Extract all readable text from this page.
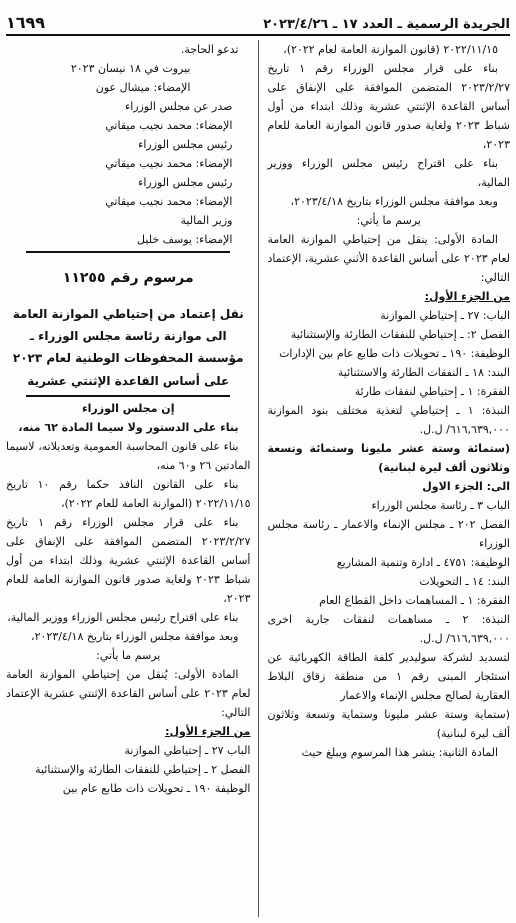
الجريدة الرسمية ـ العدد ١٧ ـ ٢٠٢٣/٤/٢٦
١٦٩٩

٢٠٢٢/١١/١٥ (قانون الموازنة العامة لعام ٢٠٢٢)،

بناء على قرار مجلس الوزراء رقم ١ تاريخ ٢٠٢٣/٢/٢٧ المتضمن الموافقة على الإنفاق على أساس القاعدة الإثنتي عشرية وذلك ابتداء من أول شباط ٢٠٢٣ ولغاية صدور قانون الموازنة العامة للعام ٢٠٢٣،

بناء على اقتراح رئيس مجلس الوزراء ووزير المالية،

وبعد موافقة مجلس الوزراء بتاريخ ٢٠٢٣/٤/١٨،

يرسم ما يأتي:

المادة الأولى: ينقل من إحتياطي الموازنة العامة لعام ٢٠٢٣ على أساس القاعدة الأثني عشرية، الإعتماد التالي:

من الجزء الأول:

الباب: ٢٧ ـ إحتياطي الموازنة

الفصل ٢: ـ إحتياطي للنفقات الطارئة والإستثنائية

الوظيفة: ١٩٠ ـ تحويلات ذات طابع عام بين الإدارات

البند: ١٨ ـ النفقات الطارئة والاستثنائية

الفقرة: ١ ـ إحتياطي لنفقات طارئة

النبذة: ١ ـ إحتياطي لتغذية مختلف بنود الموازنة ٦١٦,٦٣٩,٠٠٠/ ل.ل.

(ستمائة وستة عشر مليونا وستمائة وتسعة وثلاثون ألف ليرة لبنانية)

الى: الجزء الاول

الباب ٣ ـ رئاسة مجلس الوزراء

الفصل ٢٠٢ ـ مجلس الإنماء والاعمار ـ رئاسة مجلس الوزراء

الوظيفة: ٤٧٥١ ـ ادارة وتنمية المشاريع

البند: ١٤ ـ التحويلات

الفقرة: ١ ـ المساهمات داخل القطاع العام

النبذة: ٢ ـ مساهمات لنفقات جارية اخرى ٦١٦,٦٣٩,٠٠٠/ ل.ل.

لتسديد لشركة سوليدير كلفة الطاقة الكهربائية عن استئجار المبنى رقم ١ من منطقة زقاق البلاط العقارية لصالح مجلس الإنماء والاعمار

(ستماية وستة عشر مليونا وستماية وتسعة وثلاثون ألف ليرة لبنانية)

المادة الثانية: ينشر هذا المرسوم ويبلغ حيث

تدعو الحاجة.

بيروت في ١٨ نيسان ٢٠٢٣

الإمضاء: ميشال عون

صدر عن مجلس الوزراء

الإمضاء: محمد نجيب ميقاتي

رئيس مجلس الوزراء

الإمضاء: محمد نجيب ميقاتي

رئيس مجلس الوزراء

الإمضاء: محمد نجيب ميقاتي

وزير المالية

الإمضاء: يوسف خليل

مرسوم رقم ١١٢٥٥

نقل إعتماد من إحتياطي الموازنة العامة الى موازنة رئاسة مجلس الوزراء ـ مؤسسة المحفوظات الوطنية لعام ٢٠٢٣

على أساس القاعدة الإثنتي عشرية

إن مجلس الوزراء

بناء على الدستور ولا سيما المادة ٦٢ منه،

بناء على قانون المحاسبة العمومية وتعديلاته، لاسيما المادتين ٢٦ و٦٠ منه،

بناء على القانون النافذ حكما رقم ١٠ تاريخ ٢٠٢٢/١١/١٥ (الموازنة العامة للعام ٢٠٢٢)،

بناء على قرار مجلس الوزراء رقم ١ تاريخ ٢٠٢٣/٢/٢٧ المتضمن الموافقة على الإنفاق على أساس القاعدة الإثنتي عشرية وذلك ابتداء من أول شباط ٢٠٢٣ ولغاية صدور قانون الموازنة العامة للعام ٢٠٢٣،

بناء على اقتراح رئيس مجلس الوزراء ووزير المالية،

وبعد موافقة مجلس الوزراء بتاريخ ٢٠٢٣/٤/١٨،

يرسم ما يأتي:

المادة الأولى: يُنقل من إحتياطي الموازنة العامة لعام ٢٠٢٣ على أساس القاعدة الإثنتي عشرية الإعتماد التالي:

من الجزء الأول:

الباب ٢٧ ـ إحتياطي الموازنة

الفصل ٢ ـ إحتياطي للنفقات الطارئة والإستثنائية

الوظيفة ١٩٠ ـ تحويلات ذات طابع عام بين
